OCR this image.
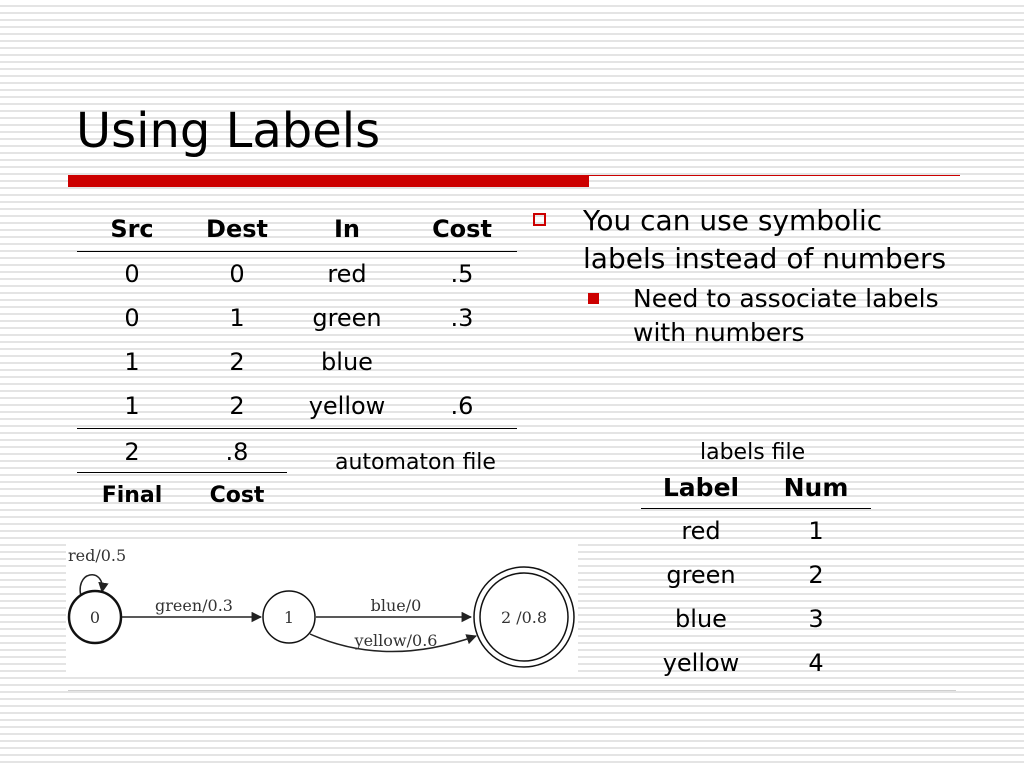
Using Labels
Src	Dest	In	Cost
0	0	red	.5
0	1	green	.3
1	2	blue	
1	2	yellow	.6
2	.8
Final	Cost
automaton file
You can use symbolic labels instead of numbers
Need to associate labels with numbers
labels file
Label	Num
red	1
green	2
blue	3
yellow	4
red/0.5
0
green/0.3
1
blue/0
yellow/0.6
2 /0.8
